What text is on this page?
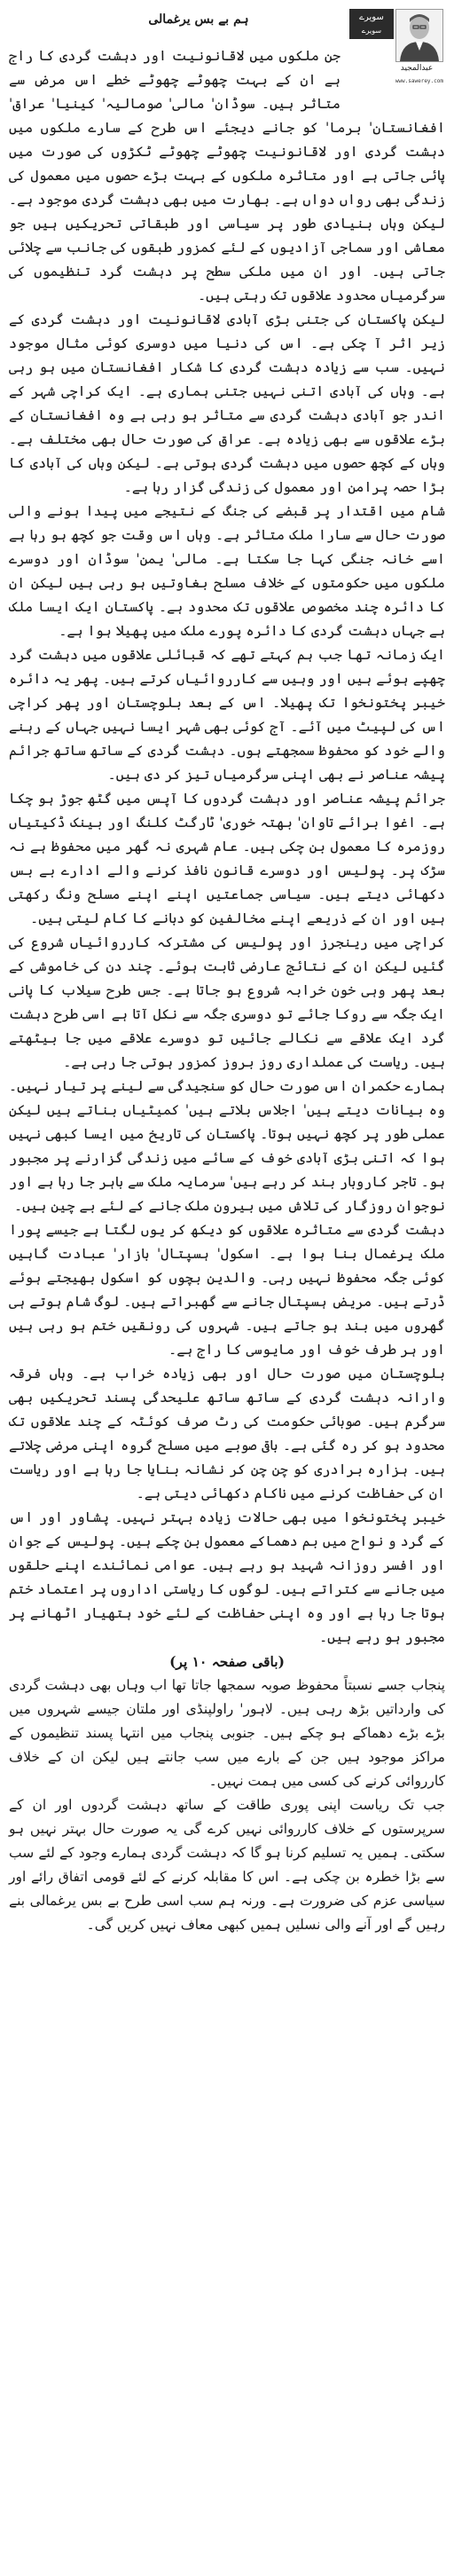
سویرے
سویرے
عبدالمجید
www.sawerey.com
ہم بے بس یرغمالی

جن ملکوں میں لاقانونیت اور دہشت گردی کا راج ہے ان کے بہت چھوٹے چھوٹے خطے اس مرض سے متاثر ہیں۔ سوڈان' مالی' صومالیہ' کینیا' عراق' افغانستان' برما' کو جانے دیجئے اس طرح کے سارے ملکوں میں دہشت گردی اور لاقانونیت چھوٹے چھوٹے ٹکڑوں کی صورت میں پائی جاتی ہے اور متاثرہ ملکوں کے بہت بڑے حصوں میں معمول کی زندگی بھی رواں دواں ہے۔ بھارت میں بھی دہشت گردی موجود ہے۔ لیکن وہاں بنیادی طور پر سیاسی اور طبقاتی تحریکیں ہیں جو معاشی اور سماجی آزادیوں کے لئے کمزور طبقوں کی جانب سے چلائی جاتی ہیں۔ اور ان میں ملکی سطح پر دہشت گرد تنظیموں کی سرگرمیاں محدود علاقوں تک رہتی ہیں۔

لیکن پاکستان کی جتنی بڑی آبادی لاقانونیت اور دہشت گردی کے زیر اثر آ چکی ہے۔ اس کی دنیا میں دوسری کوئی مثال موجود نہیں۔ سب سے زیادہ دہشت گردی کا شکار افغانستان میں ہو رہی ہے۔ وہاں کی آبادی اتنی نہیں جتنی ہماری ہے۔ ایک کراچی شہر کے اندر جو آبادی دہشت گردی سے متاثر ہو رہی ہے وہ افغانستان کے بڑے علاقوں سے بھی زیادہ ہے۔ عراق کی صورت حال بھی مختلف ہے۔ وہاں کے کچھ حصوں میں دہشت گردی ہوتی ہے۔ لیکن وہاں کی آبادی کا بڑا حصہ پرامن اور معمول کی زندگی گزار رہا ہے۔

شام میں اقتدار پر قبضے کی جنگ کے نتیجے میں پیدا ہونے والی صورت حال سے سارا ملک متاثر ہے۔ وہاں اس وقت جو کچھ ہو رہا ہے اسے خانہ جنگی کہا جا سکتا ہے۔ مالی' یمن' سوڈان اور دوسرے ملکوں میں حکومتوں کے خلاف مسلح بغاوتیں ہو رہی ہیں لیکن ان کا دائرہ چند مخصوص علاقوں تک محدود ہے۔ پاکستان ایک ایسا ملک ہے جہاں دہشت گردی کا دائرہ پورے ملک میں پھیلا ہوا ہے۔

ایک زمانہ تھا جب ہم کہتے تھے کہ قبائلی علاقوں میں دہشت گرد چھپے ہوئے ہیں اور وہیں سے کارروائیاں کرتے ہیں۔ پھر یہ دائرہ خیبر پختونخوا تک پھیلا۔ اس کے بعد بلوچستان اور پھر کراچی اس کی لپیٹ میں آئے۔ آج کوئی بھی شہر ایسا نہیں جہاں کے رہنے والے خود کو محفوظ سمجھتے ہوں۔ دہشت گردی کے ساتھ ساتھ جرائم پیشہ عناصر نے بھی اپنی سرگرمیاں تیز کر دی ہیں۔

جرائم پیشہ عناصر اور دہشت گردوں کا آپس میں گٹھ جوڑ ہو چکا ہے۔ اغوا برائے تاوان' بھتہ خوری' ٹارگٹ کلنگ اور بینک ڈکیتیاں روزمرہ کا معمول بن چکی ہیں۔ عام شہری نہ گھر میں محفوظ ہے نہ سڑک پر۔ پولیس اور دوسرے قانون نافذ کرنے والے ادارے بے بس دکھائی دیتے ہیں۔ سیاسی جماعتیں اپنے اپنے مسلح ونگ رکھتی ہیں اور ان کے ذریعے اپنے مخالفین کو دبانے کا کام لیتی ہیں۔

کراچی میں رینجرز اور پولیس کی مشترکہ کارروائیاں شروع کی گئیں لیکن ان کے نتائج عارضی ثابت ہوئے۔ چند دن کی خاموشی کے بعد پھر وہی خون خرابہ شروع ہو جاتا ہے۔ جس طرح سیلاب کا پانی ایک جگہ سے روکا جائے تو دوسری جگہ سے نکل آتا ہے اسی طرح دہشت گرد ایک علاقے سے نکالے جائیں تو دوسرے علاقے میں جا بیٹھتے ہیں۔ ریاست کی عملداری روز بروز کمزور ہوتی جا رہی ہے۔

ہمارے حکمران اس صورت حال کو سنجیدگی سے لینے پر تیار نہیں۔ وہ بیانات دیتے ہیں' اجلاس بلاتے ہیں' کمیٹیاں بناتے ہیں لیکن عملی طور پر کچھ نہیں ہوتا۔ پاکستان کی تاریخ میں ایسا کبھی نہیں ہوا کہ اتنی بڑی آبادی خوف کے سائے میں زندگی گزارنے پر مجبور ہو۔ تاجر کاروبار بند کر رہے ہیں' سرمایہ ملک سے باہر جا رہا ہے اور نوجوان روزگار کی تلاش میں بیرون ملک جانے کے لئے بے چین ہیں۔

دہشت گردی سے متاثرہ علاقوں کو دیکھ کر یوں لگتا ہے جیسے پورا ملک یرغمال بنا ہوا ہے۔ اسکول' ہسپتال' بازار' عبادت گاہیں کوئی جگہ محفوظ نہیں رہی۔ والدین بچوں کو اسکول بھیجتے ہوئے ڈرتے ہیں۔ مریض ہسپتال جانے سے گھبراتے ہیں۔ لوگ شام ہوتے ہی گھروں میں بند ہو جاتے ہیں۔ شہروں کی رونقیں ختم ہو رہی ہیں اور ہر طرف خوف اور مایوسی کا راج ہے۔

بلوچستان میں صورت حال اور بھی زیادہ خراب ہے۔ وہاں فرقہ وارانہ دہشت گردی کے ساتھ ساتھ علیحدگی پسند تحریکیں بھی سرگرم ہیں۔ صوبائی حکومت کی رٹ صرف کوئٹہ کے چند علاقوں تک محدود ہو کر رہ گئی ہے۔ باقی صوبے میں مسلح گروہ اپنی مرضی چلاتے ہیں۔ ہزارہ برادری کو چن چن کر نشانہ بنایا جا رہا ہے اور ریاست ان کی حفاظت کرنے میں ناکام دکھائی دیتی ہے۔

خیبر پختونخوا میں بھی حالات زیادہ بہتر نہیں۔ پشاور اور اس کے گرد و نواح میں بم دھماکے معمول بن چکے ہیں۔ پولیس کے جوان اور افسر روزانہ شہید ہو رہے ہیں۔ عوامی نمائندے اپنے حلقوں میں جانے سے کتراتے ہیں۔ لوگوں کا ریاستی اداروں پر اعتماد ختم ہوتا جا رہا ہے اور وہ اپنی حفاظت کے لئے خود ہتھیار اٹھانے پر مجبور ہو رہے ہیں۔

(باقی صفحہ ۱۰ پر)

پنجاب جسے نسبتاً محفوظ صوبہ سمجھا جاتا تھا اب وہاں بھی دہشت گردی کی وارداتیں بڑھ رہی ہیں۔ لاہور' راولپنڈی اور ملتان جیسے شہروں میں بڑے بڑے دھماکے ہو چکے ہیں۔ جنوبی پنجاب میں انتہا پسند تنظیموں کے مراکز موجود ہیں جن کے بارے میں سب جانتے ہیں لیکن ان کے خلاف کارروائی کرنے کی کسی میں ہمت نہیں۔

جب تک ریاست اپنی پوری طاقت کے ساتھ دہشت گردوں اور ان کے سرپرستوں کے خلاف کارروائی نہیں کرے گی یہ صورت حال بہتر نہیں ہو سکتی۔ ہمیں یہ تسلیم کرنا ہو گا کہ دہشت گردی ہمارے وجود کے لئے سب سے بڑا خطرہ بن چکی ہے۔ اس کا مقابلہ کرنے کے لئے قومی اتفاق رائے اور سیاسی عزم کی ضرورت ہے۔ ورنہ ہم سب اسی طرح بے بس یرغمالی بنے رہیں گے اور آنے والی نسلیں ہمیں کبھی معاف نہیں کریں گی۔
